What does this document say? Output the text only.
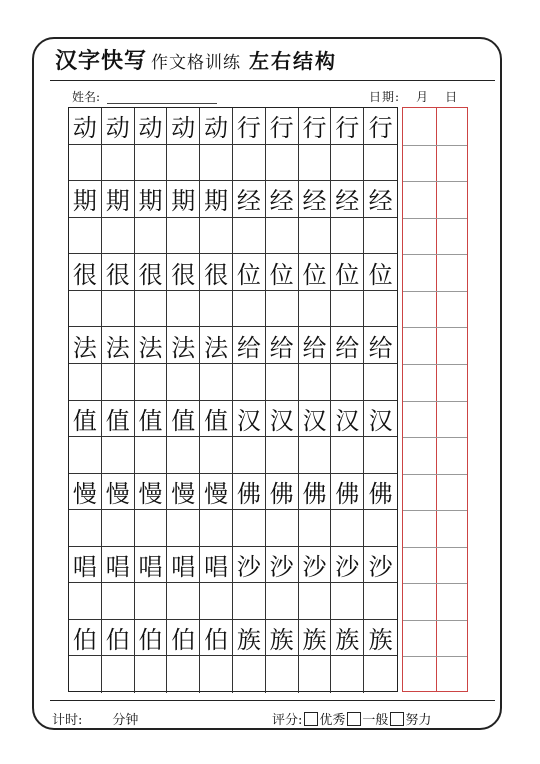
汉字快写 作文格训练 左右结构
姓名:	日期: 月 日
动 动 动 动 动 行 行 行 行 行
期 期 期 期 期 经 经 经 经 经
很 很 很 很 很 位 位 位 位 位
法 法 法 法 法 给 给 给 给 给
值 值 值 值 值 汉 汉 汉 汉 汉
慢 慢 慢 慢 慢 佛 佛 佛 佛 佛
唱 唱 唱 唱 唱 沙 沙 沙 沙 沙
伯 伯 伯 伯 伯 族 族 族 族 族
计时: 分钟	评分: 优秀 一般 努力
